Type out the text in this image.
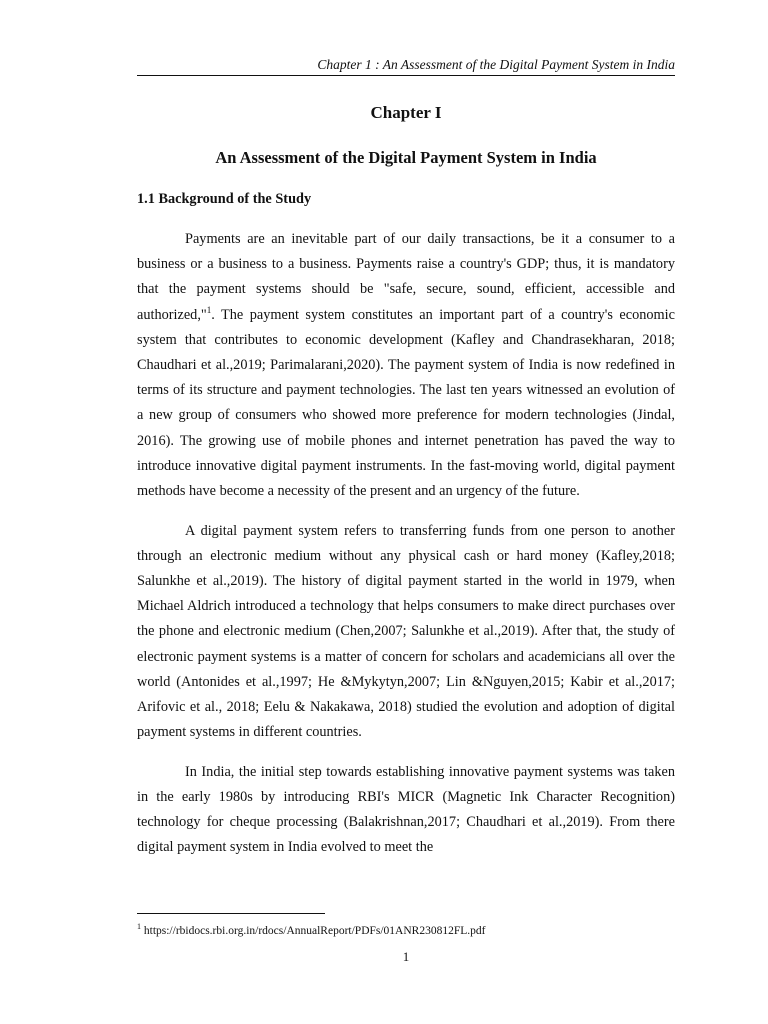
Chapter 1 : An Assessment of the Digital Payment System in India
Chapter I
An Assessment of the Digital Payment System in India
1.1 Background of the Study

Payments are an inevitable part of our daily transactions, be it a consumer to a business or a business to a business. Payments raise a country's GDP; thus, it is mandatory that the payment systems should be "safe, secure, sound, efficient, accessible and authorized,"$^1$. The payment system constitutes an important part of a country's economic system that contributes to economic development (Kafley and Chandrasekharan, 2018; Chaudhari et al.,2019; Parimalarani,2020). The payment system of India is now redefined in terms of its structure and payment technologies. The last ten years witnessed an evolution of a new group of consumers who showed more preference for modern technologies (Jindal, 2016). The growing use of mobile phones and internet penetration has paved the way to introduce innovative digital payment instruments. In the fast-moving world, digital payment methods have become a necessity of the present and an urgency of the future.

A digital payment system refers to transferring funds from one person to another through an electronic medium without any physical cash or hard money (Kafley,2018; Salunkhe et al.,2019). The history of digital payment started in the world in 1979, when Michael Aldrich introduced a technology that helps consumers to make direct purchases over the phone and electronic medium (Chen,2007; Salunkhe et al.,2019). After that, the study of electronic payment systems is a matter of concern for scholars and academicians all over the world (Antonides et al.,1997; He &Mykytyn,2007; Lin &Nguyen,2015; Kabir et al.,2017; Arifovic et al., 2018; Eelu & Nakakawa, 2018) studied the evolution and adoption of digital payment systems in different countries.

In India, the initial step towards establishing innovative payment systems was taken in the early 1980s by introducing RBI's MICR (Magnetic Ink Character Recognition) technology for cheque processing (Balakrishnan,2017; Chaudhari et al.,2019). From there digital payment system in India evolved to meet the

$^1$ https://rbidocs.rbi.org.in/rdocs/AnnualReport/PDFs/01ANR230812FL.pdf
1
